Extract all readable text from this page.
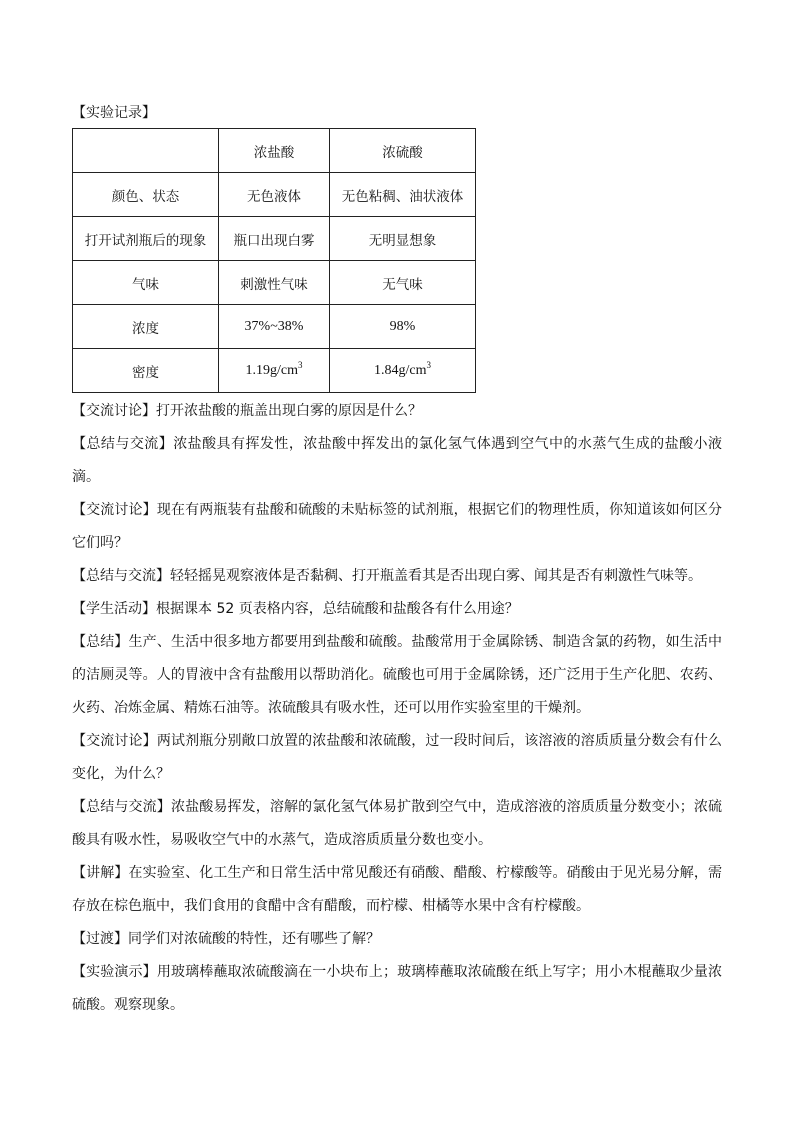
【实验记录】
	浓盐酸	浓硫酸
颜色、状态	无色液体	无色粘稠、油状液体
打开试剂瓶后的现象	瓶口出现白雾	无明显想象
气味	刺激性气味	无气味
浓度	37%~38%	98%
密度	$1.19g/cm^3$	$1.84g/cm^3$

【交流讨论】打开浓盐酸的瓶盖出现白雾的原因是什么？

【总结与交流】浓盐酸具有挥发性，浓盐酸中挥发出的氯化氢气体遇到空气中的水蒸气生成的盐酸小液滴。

【交流讨论】现在有两瓶装有盐酸和硫酸的未贴标签的试剂瓶，根据它们的物理性质，你知道该如何区分它们吗？

【总结与交流】轻轻摇晃观察液体是否黏稠、打开瓶盖看其是否出现白雾、闻其是否有刺激性气味等。

【学生活动】根据课本 52 页表格内容，总结硫酸和盐酸各有什么用途？

【总结】生产、生活中很多地方都要用到盐酸和硫酸。盐酸常用于金属除锈、制造含氯的药物，如生活中的洁厕灵等。人的胃液中含有盐酸用以帮助消化。硫酸也可用于金属除锈，还广泛用于生产化肥、农药、火药、冶炼金属、精炼石油等。浓硫酸具有吸水性，还可以用作实验室里的干燥剂。

【交流讨论】两试剂瓶分别敞口放置的浓盐酸和浓硫酸，过一段时间后，该溶液的溶质质量分数会有什么变化，为什么？

【总结与交流】浓盐酸易挥发，溶解的氯化氢气体易扩散到空气中，造成溶液的溶质质量分数变小；浓硫酸具有吸水性，易吸收空气中的水蒸气，造成溶质质量分数也变小。

【讲解】在实验室、化工生产和日常生活中常见酸还有硝酸、醋酸、柠檬酸等。硝酸由于见光易分解，需存放在棕色瓶中，我们食用的食醋中含有醋酸，而柠檬、柑橘等水果中含有柠檬酸。

【过渡】同学们对浓硫酸的特性，还有哪些了解？

【实验演示】用玻璃棒蘸取浓硫酸滴在一小块布上；玻璃棒蘸取浓硫酸在纸上写字；用小木棍蘸取少量浓硫酸。观察现象。
